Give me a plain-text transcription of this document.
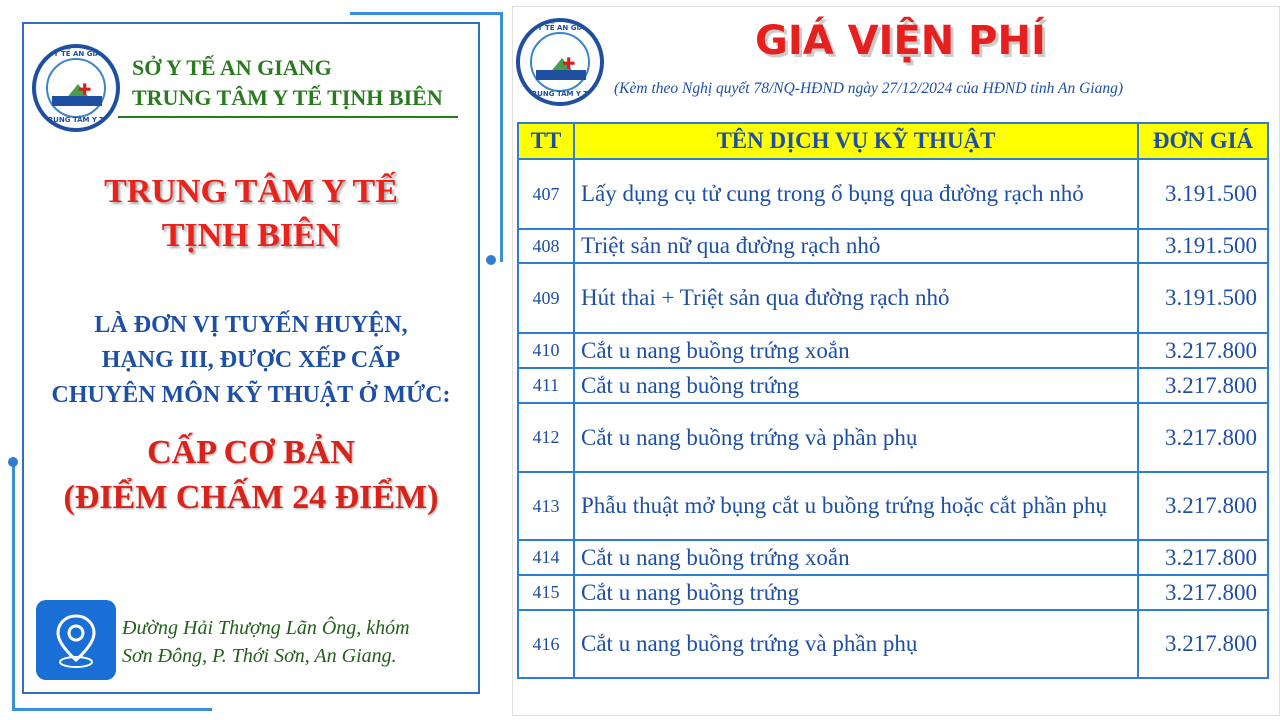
SỞ Y TẾ AN GIANG
✚
TRUNG TÂM Y TẾ
SỞ Y TẾ AN GIANG
TRUNG TÂM Y TẾ TỊNH BIÊN
TRUNG TÂM Y TẾ
TỊNH BIÊN
LÀ ĐƠN VỊ TUYẾN HUYỆN,
HẠNG III, ĐƯỢC XẾP CẤP
CHUYÊN MÔN KỸ THUẬT Ở MỨC:
CẤP CƠ BẢN
(ĐIỂM CHẤM 24 ĐIỂM)
Đường Hải Thượng Lãn Ông, khóm
Sơn Đông, P. Thới Sơn, An Giang.
SỞ Y TẾ AN GIANG
✚
TRUNG TÂM Y TẾ
GIÁ VIỆN PHÍ
(Kèm theo Nghị quyết 78/NQ-HĐND ngày 27/12/2024 của HĐND tỉnh An Giang)
TT	TÊN DỊCH VỤ KỸ THUẬT	ĐƠN GIÁ
407	Lấy dụng cụ tử cung trong ổ bụng qua đường rạch nhỏ	3.191.500
408	Triệt sản nữ qua đường rạch nhỏ	3.191.500
409	Hút thai + Triệt sản qua đường rạch nhỏ	3.191.500
410	Cắt u nang buồng trứng xoắn	3.217.800
411	Cắt u nang buồng trứng	3.217.800
412	Cắt u nang buồng trứng và phần phụ	3.217.800
413	Phẫu thuật mở bụng cắt u buồng trứng hoặc cắt phần phụ	3.217.800
414	Cắt u nang buồng trứng xoắn	3.217.800
415	Cắt u nang buồng trứng	3.217.800
416	Cắt u nang buồng trứng và phần phụ	3.217.800
